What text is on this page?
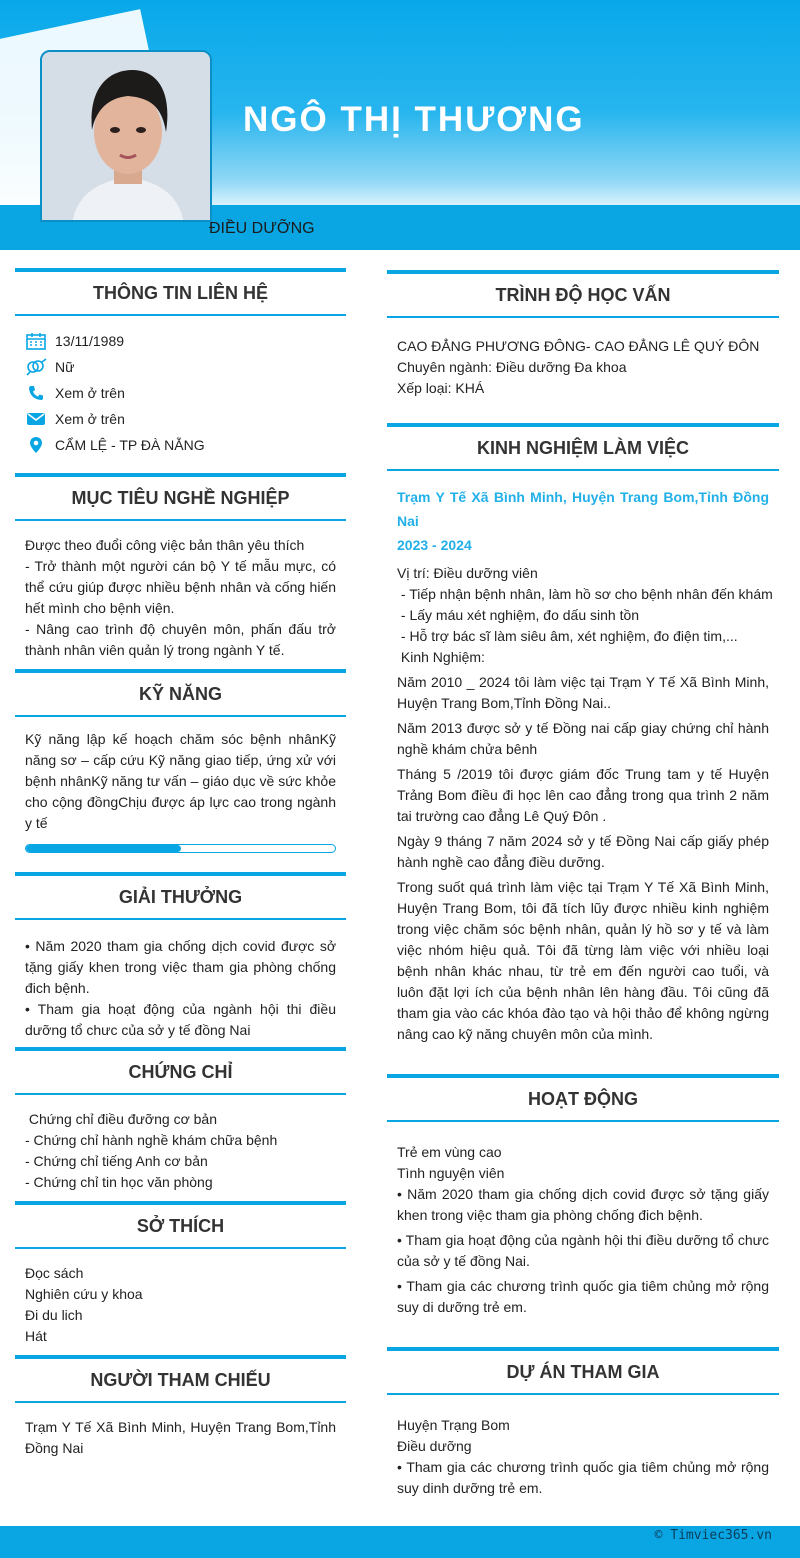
NGÔ THỊ THƯƠNG
ĐIỀU DƯỠNG
THÔNG TIN LIÊN HỆ
13/11/1989
Nữ
Xem ở trên
Xem ở trên
CẨM LỆ - TP ĐÀ NẴNG
MỤC TIÊU NGHỀ NGHIỆP
Được theo đuổi công việc bản thân yêu thích
- Trở thành một người cán bộ Y tế mẫu mực, có thể cứu giúp được nhiều bệnh nhân và cống hiến hết mình cho bệnh viện.
- Nâng cao trình độ chuyên môn, phấn đấu trở thành nhân viên quản lý trong ngành Y tế.
KỸ NĂNG
Kỹ năng lập kế hoạch chăm sóc bệnh nhânKỹ năng sơ – cấp cứu Kỹ năng giao tiếp, ứng xử với bệnh nhânKỹ năng tư vấn – giáo dục về sức khỏe cho cộng đồngChịu được áp lực cao trong ngành y tế
GIẢI THƯỞNG
• Năm 2020 tham gia chống dịch covid được sở tặng giấy khen trong việc tham gia phòng chống đich bệnh.
• Tham gia hoạt động của ngành hội thi điều dưỡng tổ chưc của sở y tế đồng Nai
CHỨNG CHỈ
Chứng chỉ điều đưỡng cơ bản
- Chứng chỉ hành nghề khám chữa bệnh
- Chứng chỉ tiếng Anh cơ bản
- Chứng chỉ tin học văn phòng
SỞ THÍCH
Đọc sách
Nghiên cứu y khoa
Đi du lich
Hát
NGƯỜI THAM CHIẾU
Trạm Y Tế Xã Bình Minh, Huyện Trang Bom,Tỉnh Đồng Nai
TRÌNH ĐỘ HỌC VẤN
CAO ĐẲNG PHƯƠNG ĐÔNG- CAO ĐẲNG LÊ QUÝ ĐÔN
Chuyên ngành: Điều dưỡng Đa khoa
Xếp loại: KHÁ
KINH NGHIỆM LÀM VIỆC
Trạm Y Tế Xã Bình Minh, Huyện Trang Bom,Tỉnh Đồng Nai
2023 - 2024
Vị trí: Điều dưỡng viên
- Tiếp nhận bệnh nhân, làm hồ sơ cho bệnh nhân đến khám
- Lấy máu xét nghiệm, đo dấu sinh tồn
- Hỗ trợ bác sĩ làm siêu âm, xét nghiệm, đo điện tim,...
Kinh Nghiệm:
Năm 2010 _ 2024 tôi làm việc tại Trạm Y Tế Xã Bình Minh, Huyện Trang Bom,Tỉnh Đồng Nai..
Năm 2013 được sở y tế Đồng nai cấp giay chứng chỉ hành nghề khám chửa bênh
Tháng 5 /2019 tôi được giám đốc Trung tam y tế Huyện Trảng Bom điều đi học lên cao đẳng trong qua trình 2 năm tai trường cao đẳng Lê Quý Đôn .
Ngày 9 tháng 7 năm 2024 sở y tế Đồng Nai cấp giấy phép hành nghề cao đẳng điều dưỡng.
Trong suốt quá trình làm việc tại Trạm Y Tế Xã Bình Minh, Huyện Trang Bom, tôi đã tích lũy được nhiều kinh nghiệm trong việc chăm sóc bệnh nhân, quản lý hồ sơ y tế và làm việc nhóm hiệu quả. Tôi đã từng làm việc với nhiều loại bệnh nhân khác nhau, từ trẻ em đến người cao tuổi, và luôn đặt lợi ích của bệnh nhân lên hàng đầu. Tôi cũng đã tham gia vào các khóa đào tạo và hội thảo để không ngừng nâng cao kỹ năng chuyên môn của mình.
HOẠT ĐỘNG
Trẻ em vùng cao
Tình nguyện viên
• Năm 2020 tham gia chống dịch covid được sở tặng giấy khen trong việc tham gia phòng chống đich bệnh.
• Tham gia hoạt động của ngành hội thi điều dưỡng tổ chưc của sở y tế đồng Nai.
• Tham gia các chương trình quốc gia tiêm chủng mở rộng suy di dưỡng trẻ em.
DỰ ÁN THAM GIA
Huyện Trạng Bom
Điều dưỡng
• Tham gia các chương trình quốc gia tiêm chủng mở rộng suy dinh dưỡng trẻ em.
© Timviec365.vn
